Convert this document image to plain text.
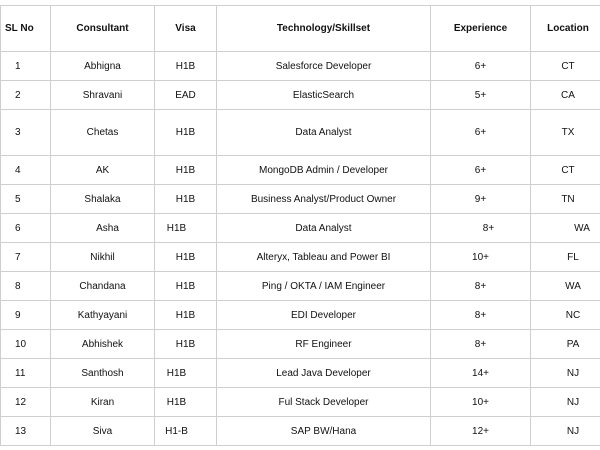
SL No	Consultant	Visa	Technology/Skillset	Experience	Location
1	Abhigna	H1B	Salesforce Developer	6+	CT
2	Shravani	EAD	ElasticSearch	5+	CA
3	Chetas	H1B	Data Analyst	6+	TX
4	AK	H1B	MongoDB Admin / Developer	6+	CT
5	Shalaka	H1B	Business Analyst/Product Owner	9+	TN
6	Asha	H1B	Data Analyst	8+	WA
7	Nikhil	H1B	Alteryx, Tableau and Power BI	10+	FL
8	Chandana	H1B	Ping / OKTA / IAM Engineer	8+	WA
9	Kathyayani	H1B	EDI Developer	8+	NC
10	Abhishek	H1B	RF Engineer	8+	PA
11	Santhosh	H1B	Lead Java Developer	14+	NJ
12	Kiran	H1B	Ful Stack Developer	10+	NJ
13	Siva	H1-B	SAP BW/Hana	12+	NJ
